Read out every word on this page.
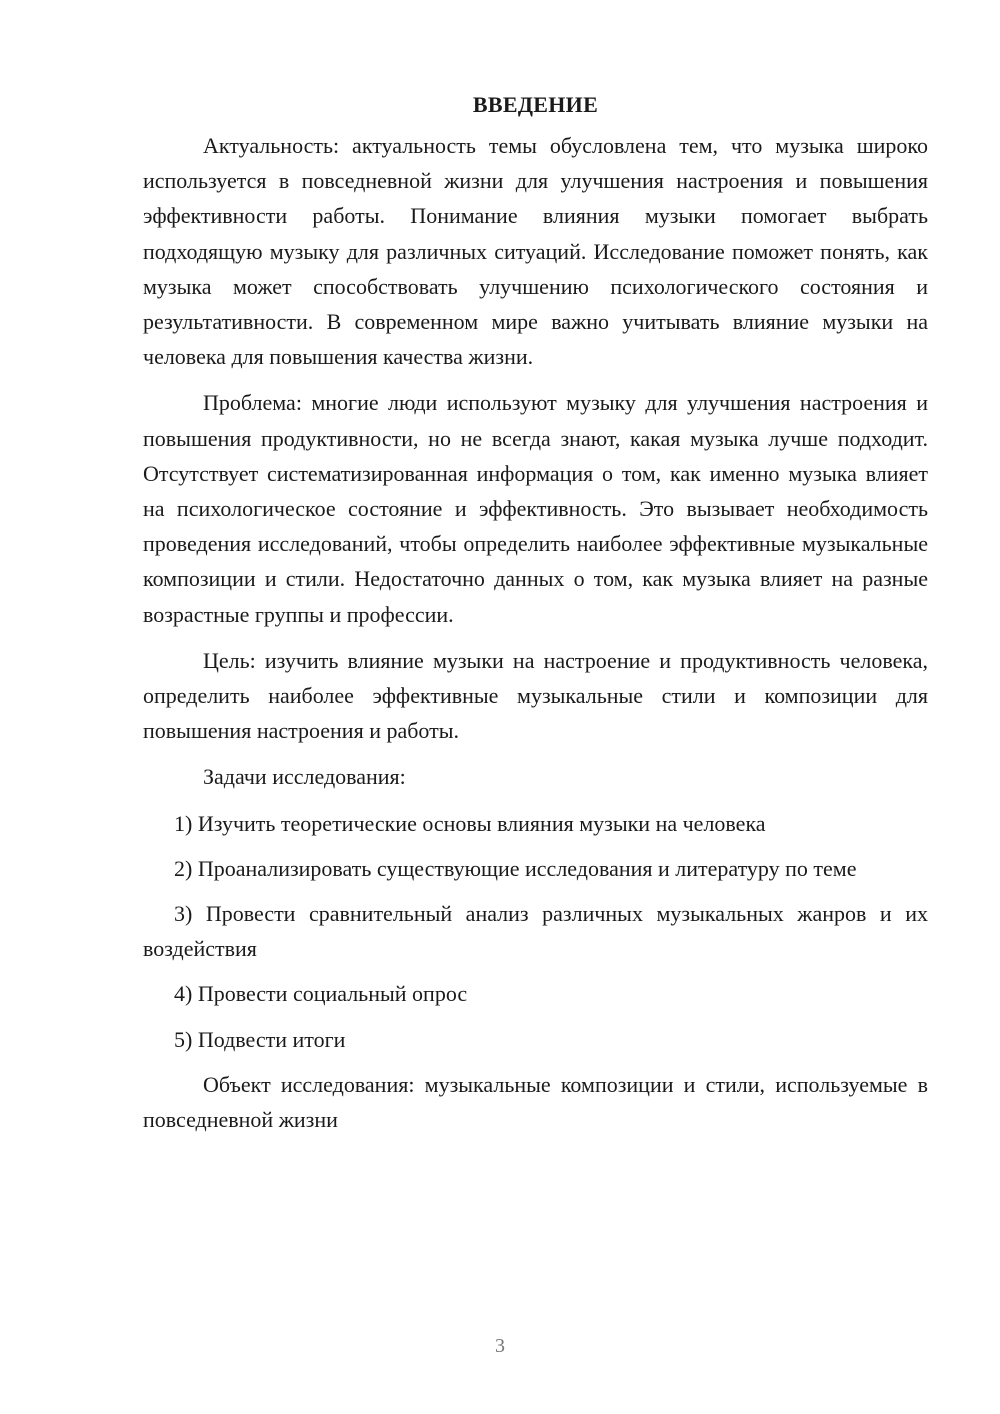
ВВЕДЕНИЕ

Актуальность: актуальность темы обусловлена тем, что музыка широко используется в повседневной жизни для улучшения настроения и повышения эффективности работы. Понимание влияния музыки помогает выбрать подходящую музыку для различных ситуаций. Исследование поможет понять, как музыка может способствовать улучшению психологического состояния и результативности. В современном мире важно учитывать влияние музыки на человека для повышения качества жизни.

Проблема: многие люди используют музыку для улучшения настроения и повышения продуктивности, но не всегда знают, какая музыка лучше подходит. Отсутствует систематизированная информация о том, как именно музыка влияет на психологическое состояние и эффективность. Это вызывает необходимость проведения исследований, чтобы определить наиболее эффективные музыкальные композиции и стили. Недостаточно данных о том, как музыка влияет на разные возрастные группы и профессии.

Цель: изучить влияние музыки на настроение и продуктивность человека, определить наиболее эффективные музыкальные стили и композиции для повышения настроения и работы.

Задачи исследования:

1) Изучить теоретические основы влияния музыки на человека

2) Проанализировать существующие исследования и литературу по теме

3) Провести сравнительный анализ различных музыкальных жанров и их воздействия

4) Провести социальный опрос

5) Подвести итоги

Объект исследования: музыкальные композиции и стили, используемые в повседневной жизни

3
